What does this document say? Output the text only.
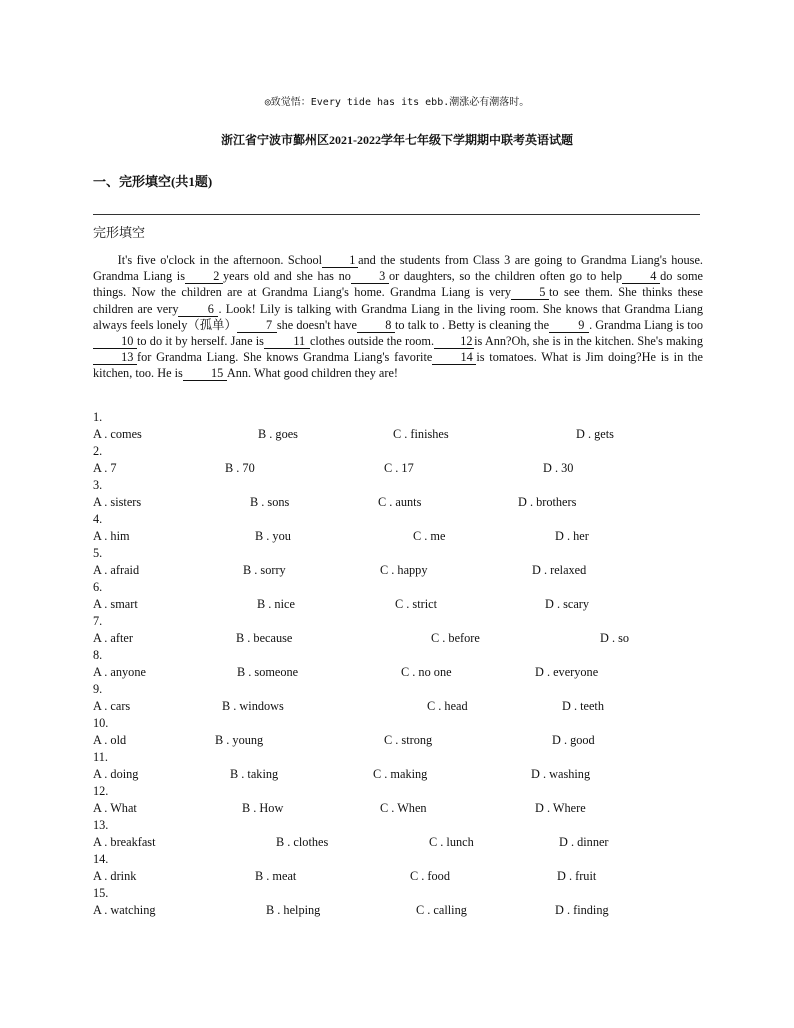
◎致觉悟：Every tide has its ebb.潮涨必有潮落时。
浙江省宁波市鄞州区2021-2022学年七年级下学期期中联考英语试题
一、完形填空(共1题)
完形填空

It's five o'clock in the afternoon. School 1 and the students from Class 3 are going to Grandma Liang's house. Grandma Liang is 2 years old and she has no 3 or daughters, so the children often go to help 4 do some things. Now the children are at Grandma Liang's home. Grandma Liang is very 5 to see them. She thinks these children are very 6 . Look! Lily is talking with Grandma Liang in the living room. She knows that Grandma Liang always feels lonely（孤单） 7 she doesn't have 8 to talk to . Betty is cleaning the 9 . Grandma Liang is too10 to do it by herself. Jane is 11 clothes outside the room. 12 is Ann?Oh, she is in the kitchen. She's making13 for Grandma Liang. She knows Grandma Liang's favorite 14 is tomatoes. What is Jim doing?He is in the kitchen, too. He is 15 Ann. What good children they are!

1.
A . comes	B . goes	C . finishes	D . gets
2.
A . 7	B . 70	C . 17	D . 30
3.
A . sisters	B . sons	C . aunts	D . brothers
4.
A . him	B . you	C . me	D . her
5.
A . afraid	B . sorry	C . happy	D . relaxed
6.
A . smart	B . nice	C . strict	D . scary
7.
A . after	B . because	C . before	D . so
8.
A . anyone	B . someone	C . no one	D . everyone
9.
A . cars	B . windows	C . head	D . teeth
10.
A . old	B . young	C . strong	D . good
11.
A . doing	B . taking	C . making	D . washing
12.
A . What	B . How	C . When	D . Where
13.
A . breakfast	B . clothes	C . lunch	D . dinner
14.
A . drink	B . meat	C . food	D . fruit
15.
A . watching	B . helping	C . calling	D . finding
